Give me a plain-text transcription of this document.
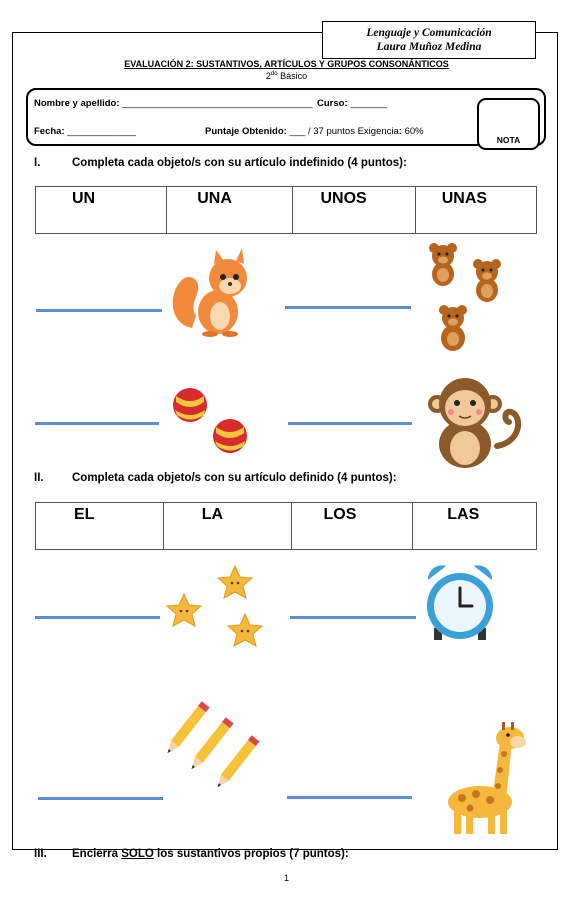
Lenguaje y Comunicación
Laura Muñoz Medina
EVALUACIÓN 2: SUSTANTIVOS, ARTÍCULOS Y GRUPOS CONSONÁNTICOS
$2^{do}$ Básico
Nombre y apellido: ____________________________________ Curso: _______
Fecha: _____________	Puntaje Obtenido: ___ / 37 puntos Exigencia: 60%
NOTA
I.	Completa cada objeto/s con su artículo indefinido (4 puntos):
UN	UNA	UNOS	UNAS
II. Completa cada objeto/s con su artículo definido (4 puntos):
EL	LA	LOS	LAS
III. Encierra SOLO los sustantivos propios (7 puntos):
1
